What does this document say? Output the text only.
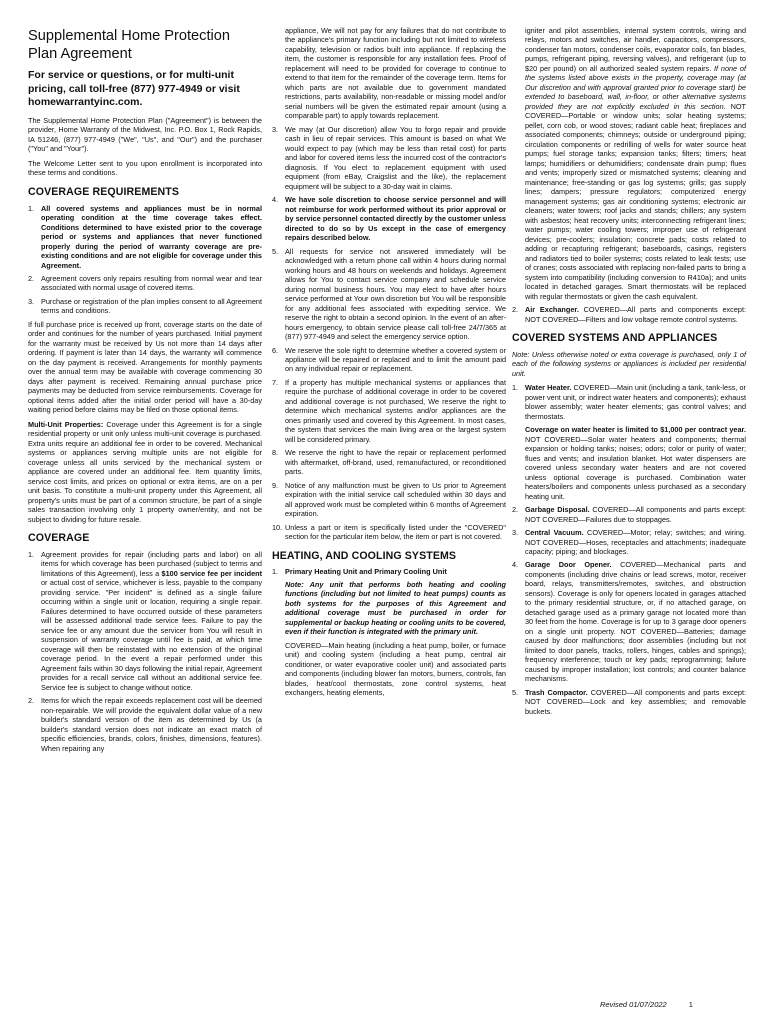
Supplemental Home Protection Plan Agreement
For service or questions, or for multi-unit pricing, call toll-free (877) 977-4949 or visit homewarrantyinc.com.

The Supplemental Home Protection Plan ("Agreement") is between the provider, Home Warranty of the Midwest, Inc. P.O. Box 1, Rock Rapids, IA 51246, (877) 977-4949 ("We", "Us", and "Our") and the purchaser ("You" and "Your").

The Welcome Letter sent to you upon enrollment is incorporated into these terms and conditions.

COVERAGE REQUIREMENTS
1. All covered systems and appliances must be in normal operating condition at the time coverage takes effect. Conditions determined to have existed prior to the coverage period or systems and appliances that never functioned properly during the period of warranty coverage are pre-existing conditions and are not eligible for coverage under this Agreement.
2. Agreement covers only repairs resulting from normal wear and tear associated with normal usage of covered items.
3. Purchase or registration of the plan implies consent to all Agreement terms and conditions.

If full purchase price is received up front, coverage starts on the date of order and continues for the number of years purchased. Initial payment for the warranty must be received by Us not more than 14 days after ordering. If payment is later than 14 days, the warranty will commence on the day payment is received. Arrangements for monthly payments over the annual term may be available with coverage commencing 30 days after payment is received. Remaining annual purchase price payments may be deducted from service reimbursements. Coverage for optional items added after the initial order period will have a 30-day waiting period before claims may be filed on those optional items.

Multi-Unit Properties: Coverage under this Agreement is for a single residential property or unit only unless multi-unit coverage is purchased. Extra units require an additional fee in order to be covered. Mechanical systems or appliances serving multiple units are not eligible for coverage unless all units serviced by the mechanical system or appliance are covered under an additional fee. Item quantity limits, service cost limits, and prices on optional or extra items, are on a per unit basis. To constitute a multi-unit property under this Agreement, all property's units must be part of a common structure, be part of a single sales transaction involving only 1 property owner/entity, and not be subject to dividing for future resale.

COVERAGE
1. Agreement provides for repair (including parts and labor) on all items for which coverage has been purchased (subject to terms and limitations of this Agreement), less a $100 service fee per incident or actual cost of service, whichever is less, payable to the company providing service. "Per incident" is defined as a single failure occurring within a single unit or location, requiring a single repair. Failures determined to have occurred outside of these parameters will be assessed additional trade service fees. Failure to pay the service fee or any amount due the servicer from You will result in suspension of warranty coverage until fee is paid, at which time coverage will then be reinstated with no extension of the original coverage period. In the event a repair performed under this Agreement fails within 30 days following the initial repair, Agreement provides for a recall service call without an additional service fee. Service fee is subject to change without notice.
2. Items for which the repair exceeds replacement cost will be deemed non-repairable. We will provide the equivalent dollar value of a new builder's standard version of the item as determined by Us (a builder's standard version does not indicate an exact match of specific efficiencies, brands, colors, finishes, dimensions, features). When repairing any
appliance, We will not pay for any failures that do not contribute to the appliance's primary function including but not limited to wireless capability, television or radios built into appliance. If replacing the item, the customer is responsible for any installation fees. Proof of replacement will need to be provided for coverage to continue to extend to that item for the remainder of the coverage term. Items for which parts are not available due to government mandated restrictions, parts availability, non-readable or missing model and/or serial numbers will be given the estimated repair amount (using a comparable part) to apply towards replacement.
3. We may (at Our discretion) allow You to forgo repair and provide cash in lieu of repair services. This amount is based on what We would expect to pay (which may be less than retail cost) for parts and labor for covered items less the incurred cost of the contractor's diagnosis. If You elect to replacement equipment with used equipment (from eBay, Craigslist and the like), the replacement equipment will be subject to a 30-day wait in claims.
4. We have sole discretion to choose service personnel and will not reimburse for work performed without its prior approval or by service personnel contacted directly by the customer unless directed to do so by Us except in the case of emergency repairs described below.
5. All requests for service not answered immediately will be acknowledged with a return phone call within 4 hours during normal working hours and 48 hours on weekends and holidays. Agreement allows for You to contact service company and schedule service during normal business hours. You may elect to have after hours service performed at Your own discretion but You will be responsible for any additional fees associated with expediting service. We reserve the right to obtain a second opinion. In the event of an after-hours emergency, to obtain service please call toll-free 24/7/365 at (877) 977-4949 and select the emergency service option.
6. We reserve the sole right to determine whether a covered system or appliance will be repaired or replaced and to limit the amount paid on any individual repair or replacement.
7. If a property has multiple mechanical systems or appliances that require the purchase of additional coverage in order to be covered and additional coverage is not purchased, We reserve the right to determine which mechanical systems and/or appliances are the ones primarily used and covered by this Agreement. In most cases, the system that services the main living area or the largest system will be considered primary.
8. We reserve the right to have the repair or replacement performed with aftermarket, off-brand, used, remanufactured, or reconditioned parts.
9. Notice of any malfunction must be given to Us prior to Agreement expiration with the initial service call scheduled within 30 days and all approved work must be completed within 6 months of Agreement expiration.
10. Unless a part or item is specifically listed under the "COVERED" section for the particular item below, the item or part is not covered.
HEATING, AND COOLING SYSTEMS
1. Primary Heating Unit and Primary Cooling Unit

Note: Any unit that performs both heating and cooling functions (including but not limited to heat pumps) counts as both systems for the purposes of this Agreement and additional coverage must be purchased in order for supplemental or backup heating or cooling units to be covered, even if their function is integrated with the primary unit.

COVERED—Main heating (including a heat pump, boiler, or furnace unit) and cooling system (including a heat pump, central air conditioner, or water evaporative cooler unit) and associated parts and components (including blower fan motors, burners, controls, fan blades, heat/cool thermostats, zone control systems, heat exchangers, heating elements,

igniter and pilot assemblies, internal system controls, wiring and relays, motors and switches, air handler, capacitors, compressors, condenser fan motors, condenser coils, evaporator coils, fan blades, pumps, refrigerant piping, reversing valves), and refrigerant (up to $20 per pound) on all authorized sealed system repairs. If none of the systems listed above exists in the property, coverage may (at Our discretion and with approval granted prior to coverage start) be extended to baseboard, wall, in-floor, or other alternative systems provided they are not explicitly excluded in this section. NOT COVERED—Portable or window units; solar heating systems; pellet, corn cob, or wood stoves; radiant cable heat; fireplaces and associated components; chimneys; outside or underground piping; circulation components or redrilling of wells for water source heat pumps; fuel storage tanks; expansion tanks; filters; timers; heat lamps; humidifiers or dehumidifiers; condensate drain pump; flues and vents; improperly sized or mismatched systems; cleaning and maintenance; free-standing or gas log systems; grills; gas supply lines; dampers; pressure regulators; computerized energy management systems; gas air conditioning systems; electronic air cleaners; water towers; roof jacks and stands; chillers; any system with asbestos; heat recovery units; interconnecting refrigerant lines; water pumps; water cooling towers; improper use of refrigerant devices; pre-coolers; insulation; concrete pads; costs related to adding or recapturing refrigerant; baseboards, casings, registers and radiators tied to boiler systems; costs related to leak tests; use of cranes; costs associated with replacing non-failed parts to bring a system into compatibility (including conversion to R410a); and units located in detached garages. Smart thermostats will be replaced with regular thermostats or given the cash equivalent.
2. Air Exchanger. COVERED—All parts and components except: NOT COVERED—Filters and low voltage remote control systems.
COVERED SYSTEMS AND APPLIANCES

Note: Unless otherwise noted or extra coverage is purchased, only 1 of each of the following systems or appliances is included per residential unit.

1. Water Heater. COVERED—Main unit (including a tank, tank-less, or power vent unit, or indirect water heaters and components); exhaust blower assembly; water heater elements; gas control valves; and thermostats.

Coverage on water heater is limited to $1,000 per contract year. NOT COVERED—Solar water heaters and components; thermal expansion or holding tanks; noises; odors; color or purity of water; flues and vents; and insulation blanket. Hot water dispensers are covered unless secondary water heaters and are not covered unless optional coverage is purchased. Combination water heaters/boilers and components unless purchased as a secondary heating unit.

2. Garbage Disposal. COVERED—All components and parts except: NOT COVERED—Failures due to stoppages.
3. Central Vacuum. COVERED—Motor; relay; switches; and wiring. NOT COVERED—Hoses, receptacles and attachments; inadequate capacity; piping; and blockages.
4. Garage Door Opener. COVERED—Mechanical parts and components (including drive chains or lead screws, motor, receiver board, relays, transmitters/remotes, switches, and obstruction sensors). Coverage is only for openers located in garages attached to the primary residential structure, or, if no attached garage, on detached garage used as a primary garage not located more than 30 feet from the home. Coverage is for up to 3 garage door openers on a single unit property. NOT COVERED—Batteries; damage caused by door malfunctions; door assemblies (including but not limited to door panels, tracks, rollers, hinges, cables and springs); frequency interference; touch or key pads; reprogramming; failure caused by improper installation; lost controls; and counter balance mechanisms.
5. Trash Compactor. COVERED—All components and parts except: NOT COVERED—Lock and key assemblies; and removable buckets.
Revised 01/07/2022	1
